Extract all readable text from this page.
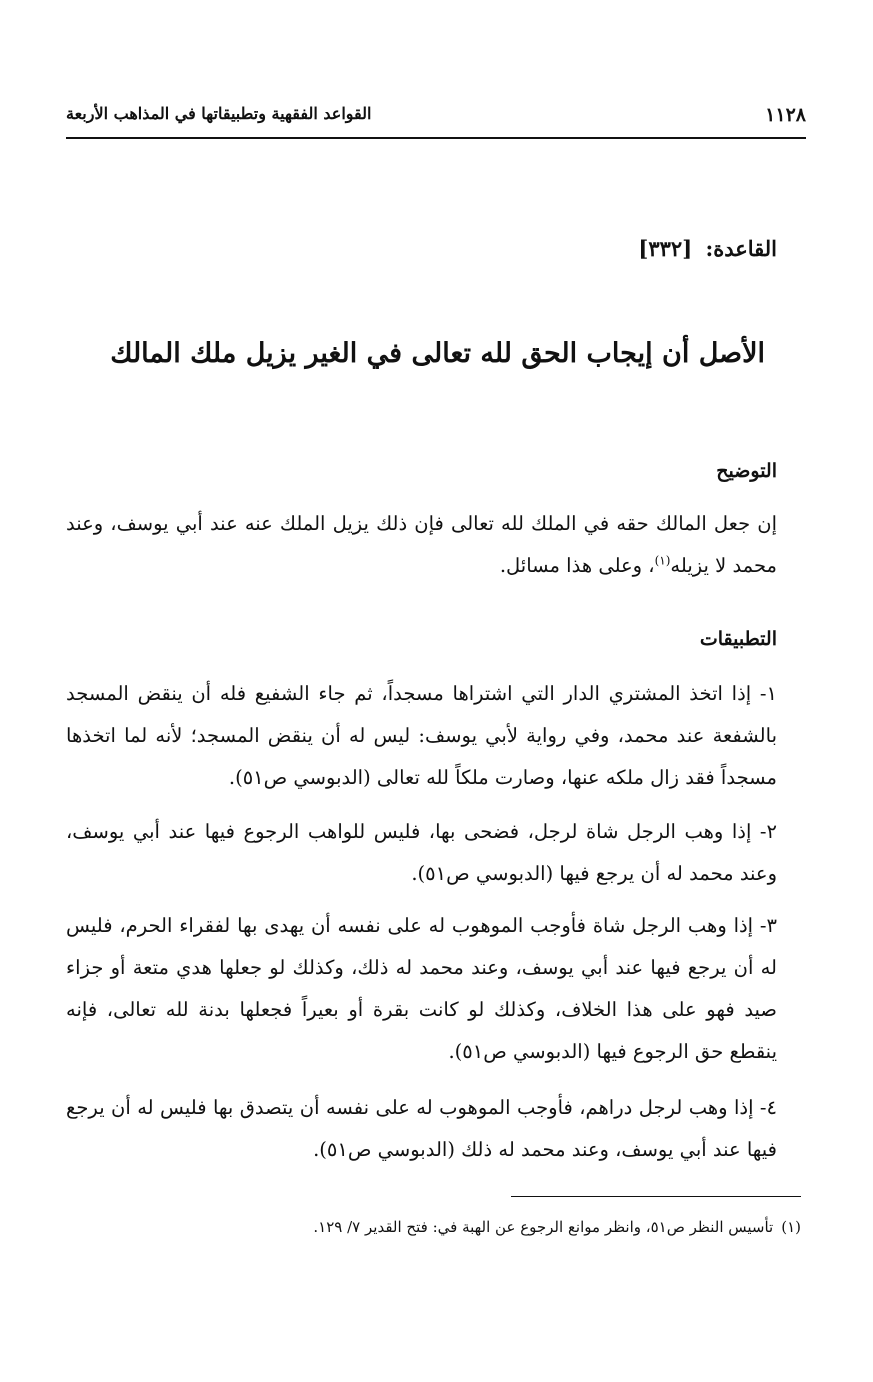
١١٢٨
القواعد الفقهية وتطبيقاتها في المذاهب الأربعة
القاعدة: [٣٣٢]
الأصل أن إيجاب الحق لله تعالى في الغير يزيل ملك المالك
التوضيح
إن جعل المالك حقه في الملك لله تعالى فإن ذلك يزيل الملك عنه عند أبي يوسف، وعند محمد لا يزيله$^{(١)}$، وعلى هذا مسائل.
التطبيقات
١- إذا اتخذ المشتري الدار التي اشتراها مسجداً، ثم جاء الشفيع فله أن ينقض المسجد بالشفعة عند محمد، وفي رواية لأبي يوسف: ليس له أن ينقض المسجد؛ لأنه لما اتخذها مسجداً فقد زال ملكه عنها، وصارت ملكاً لله تعالى (الدبوسي ص٥١).
٢- إذا وهب الرجل شاة لرجل، فضحى بها، فليس للواهب الرجوع فيها عند أبي يوسف، وعند محمد له أن يرجع فيها (الدبوسي ص٥١).
٣- إذا وهب الرجل شاة فأوجب الموهوب له على نفسه أن يهدى بها لفقراء الحرم، فليس له أن يرجع فيها عند أبي يوسف، وعند محمد له ذلك، وكذلك لو جعلها هدي متعة أو جزاء صيد فهو على هذا الخلاف، وكذلك لو كانت بقرة أو بعيراً فجعلها بدنة لله تعالى، فإنه ينقطع حق الرجوع فيها (الدبوسي ص٥١).
٤- إذا وهب لرجل دراهم، فأوجب الموهوب له على نفسه أن يتصدق بها فليس له أن يرجع فيها عند أبي يوسف، وعند محمد له ذلك (الدبوسي ص٥١).
(١)تأسيس النظر ص٥١، وانظر موانع الرجوع عن الهبة في: فتح القدير ٧/ ١٢٩.
